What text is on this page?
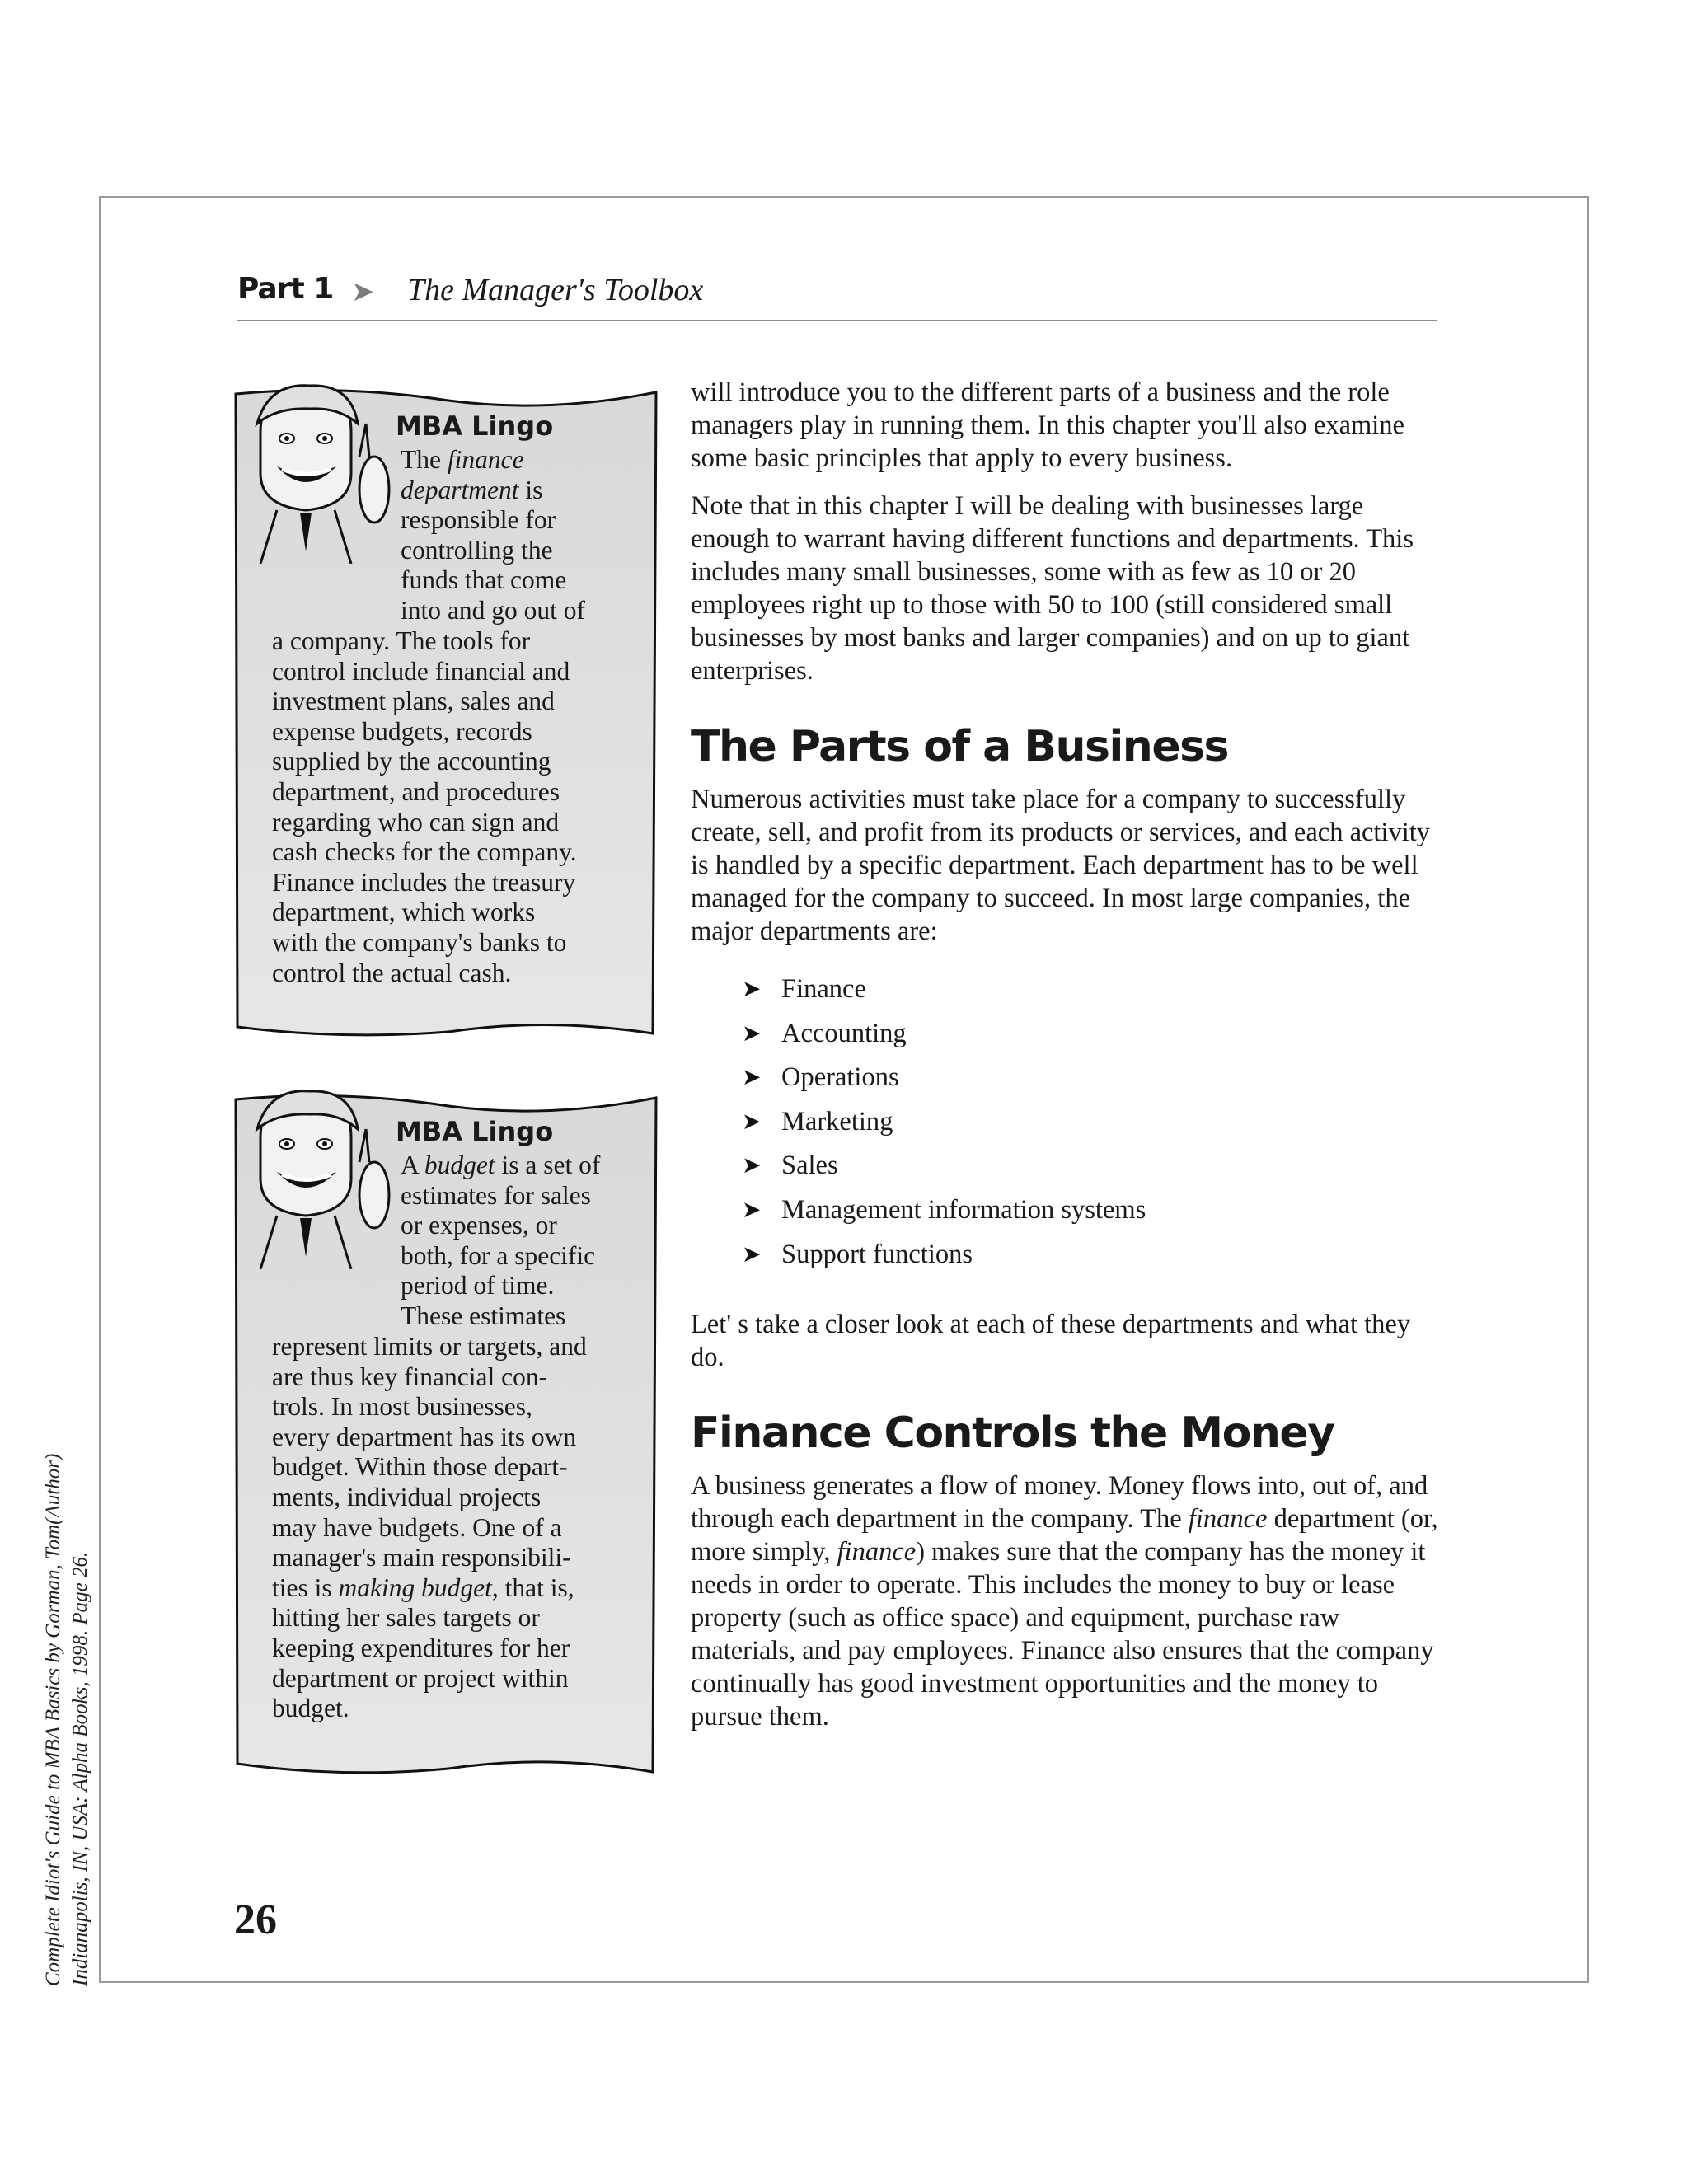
Complete Idiot's Guide to MBA Basics by Gorman, Tom(Author) Indianapolis, IN, USA: Alpha Books, 1998. Page 26.
Part 1 ➤ The Manager's Toolbox
MBA Lingo
The finance
department is
responsible for
controlling the
funds that come
into and go out of
a company. The tools for
control include financial and
investment plans, sales and
expense budgets, records
supplied by the accounting
department, and procedures
regarding who can sign and
cash checks for the company.
Finance includes the treasury
department, which works
with the company's banks to
control the actual cash.
MBA Lingo
A budget is a set of
estimates for sales
or expenses, or
both, for a specific
period of time.
These estimates
represent limits or targets, and
are thus key financial con-
trols. In most businesses,
every department has its own
budget. Within those depart-
ments, individual projects
may have budgets. One of a
manager's main responsibili-
ties is making budget, that is,
hitting her sales targets or
keeping expenditures for her
department or project within
budget.

will introduce you to the different parts of a business and the role managers play in running them. In this chapter you'll also examine some basic principles that apply to every business.

Note that in this chapter I will be dealing with businesses large enough to warrant having different functions and departments. This includes many small businesses, some with as few as 10 or 20 employees right up to those with 50 to 100 (still considered small businesses by most banks and larger companies) and on up to giant enterprises.

The Parts of a Business

Numerous activities must take place for a company to successfully create, sell, and profit from its products or services, and each activity is handled by a specific department. Each department has to be well managed for the company to succeed. In most large companies, the major departments are:

➤ Finance
➤ Accounting
➤ Operations
➤ Marketing
➤ Sales
➤ Management information systems
➤ Support functions

Let' s take a closer look at each of these departments and what they do.

Finance Controls the Money

A business generates a flow of money. Money flows into, out of, and through each department in the company. The finance department (or, more simply, finance) makes sure that the company has the money it needs in order to operate. This includes the money to buy or lease property (such as office space) and equipment, purchase raw materials, and pay employees. Finance also ensures that the company continually has good investment opportunities and the money to pursue them.

26
